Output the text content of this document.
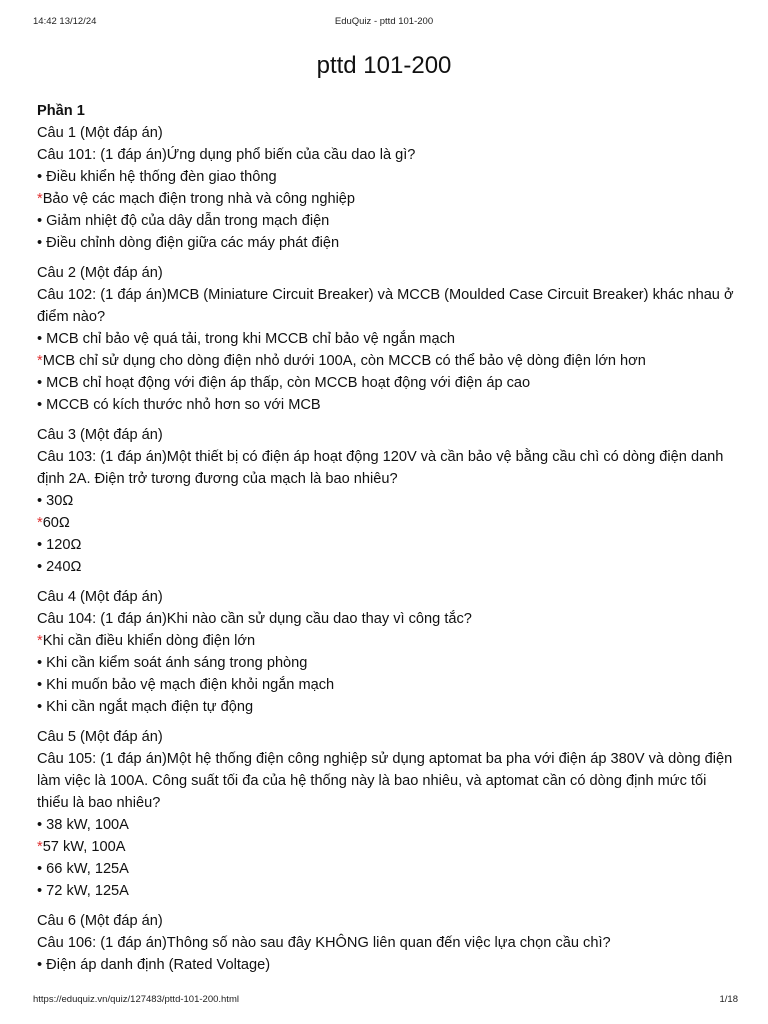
14:42 13/12/24	EduQuiz - pttd 101-200
pttd 101-200
Phần 1
Câu 1 (Một đáp án)
Câu 101: (1 đáp án)Ứng dụng phổ biến của cầu dao là gì?
• Điều khiển hệ thống đèn giao thông
*Bảo vệ các mạch điện trong nhà và công nghiệp
• Giảm nhiệt độ của dây dẫn trong mạch điện
• Điều chỉnh dòng điện giữa các máy phát điện
Câu 2 (Một đáp án)
Câu 102: (1 đáp án)MCB (Miniature Circuit Breaker) và MCCB (Moulded Case Circuit Breaker) khác nhau ở điểm nào?
• MCB chỉ bảo vệ quá tải, trong khi MCCB chỉ bảo vệ ngắn mạch
*MCB chỉ sử dụng cho dòng điện nhỏ dưới 100A, còn MCCB có thể bảo vệ dòng điện lớn hơn
• MCB chỉ hoạt động với điện áp thấp, còn MCCB hoạt động với điện áp cao
• MCCB có kích thước nhỏ hơn so với MCB
Câu 3 (Một đáp án)
Câu 103: (1 đáp án)Một thiết bị có điện áp hoạt động 120V và cần bảo vệ bằng cầu chì có dòng điện danh định 2A. Điện trở tương đương của mạch là bao nhiêu?
• 30Ω
*60Ω
• 120Ω
• 240Ω
Câu 4 (Một đáp án)
Câu 104: (1 đáp án)Khi nào cần sử dụng cầu dao thay vì công tắc?
*Khi cần điều khiển dòng điện lớn
• Khi cần kiểm soát ánh sáng trong phòng
• Khi muốn bảo vệ mạch điện khỏi ngắn mạch
• Khi cần ngắt mạch điện tự động
Câu 5 (Một đáp án)
Câu 105: (1 đáp án)Một hệ thống điện công nghiệp sử dụng aptomat ba pha với điện áp 380V và dòng điện làm việc là 100A. Công suất tối đa của hệ thống này là bao nhiêu, và aptomat cần có dòng định mức tối thiểu là bao nhiêu?
• 38 kW, 100A
*57 kW, 100A
• 66 kW, 125A
• 72 kW, 125A
Câu 6 (Một đáp án)
Câu 106: (1 đáp án)Thông số nào sau đây KHÔNG liên quan đến việc lựa chọn cầu chì?
• Điện áp danh định (Rated Voltage)
https://eduquiz.vn/quiz/127483/pttd-101-200.html	1/18
